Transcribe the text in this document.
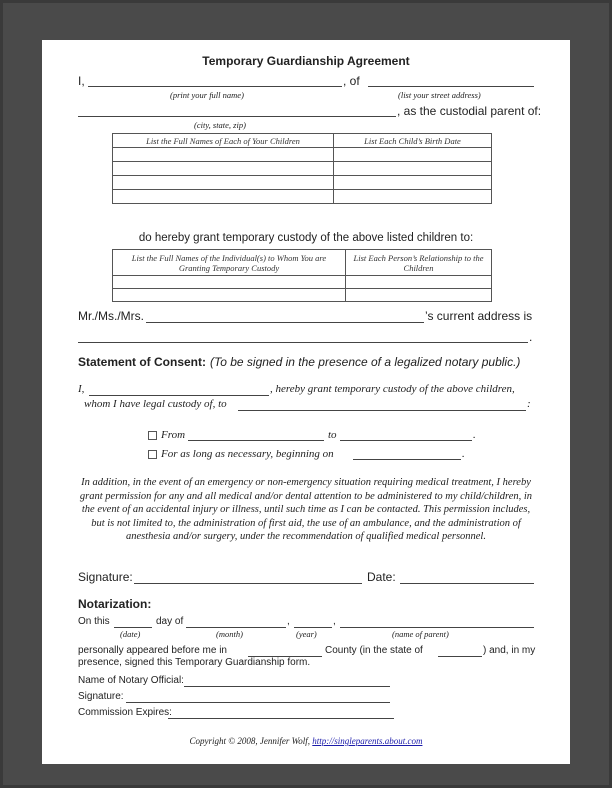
Temporary Guardianship Agreement
I,	, of
(print your full name)	(list your street address)
, as the custodial parent of:
(city, state, zip)
List the Full Names of Each of Your Children	List Each Child’s Birth Date

do hereby grant temporary custody of the above listed children to:
List the Full Names of the Individual(s) to Whom You are Granting Temporary Custody	List Each Person’s Relationship to the Children

Mr./Ms./Mrs.	’s current address is
.
Statement of Consent: (To be signed in the presence of a legalized notary public.)
I,	, hereby grant temporary custody of the above children,
whom I have legal custody of, to	:
From	to	.
For as long as necessary, beginning on	.
In addition, in the event of an emergency or non-emergency situation requiring medical treatment, I hereby grant permission for any and all medical and/or dental attention to be administered to my child/children, in the event of an accidental injury or illness, until such time as I can be contacted. This permission includes, but is not limited to, the administration of first aid, the use of an ambulance, and the administration of anesthesia and/or surgery, under the recommendation of qualified medical personnel.
Signature:	Date:
Notarization:
On this	day of	,	,
(date)	(month)	(year)	(name of parent)
personally appeared before me in	County (in the state of	) and, in my
presence, signed this Temporary Guardianship form.
Name of Notary Official:
Signature:
Commission Expires:
Copyright © 2008, Jennifer Wolf, http://singleparents.about.com
